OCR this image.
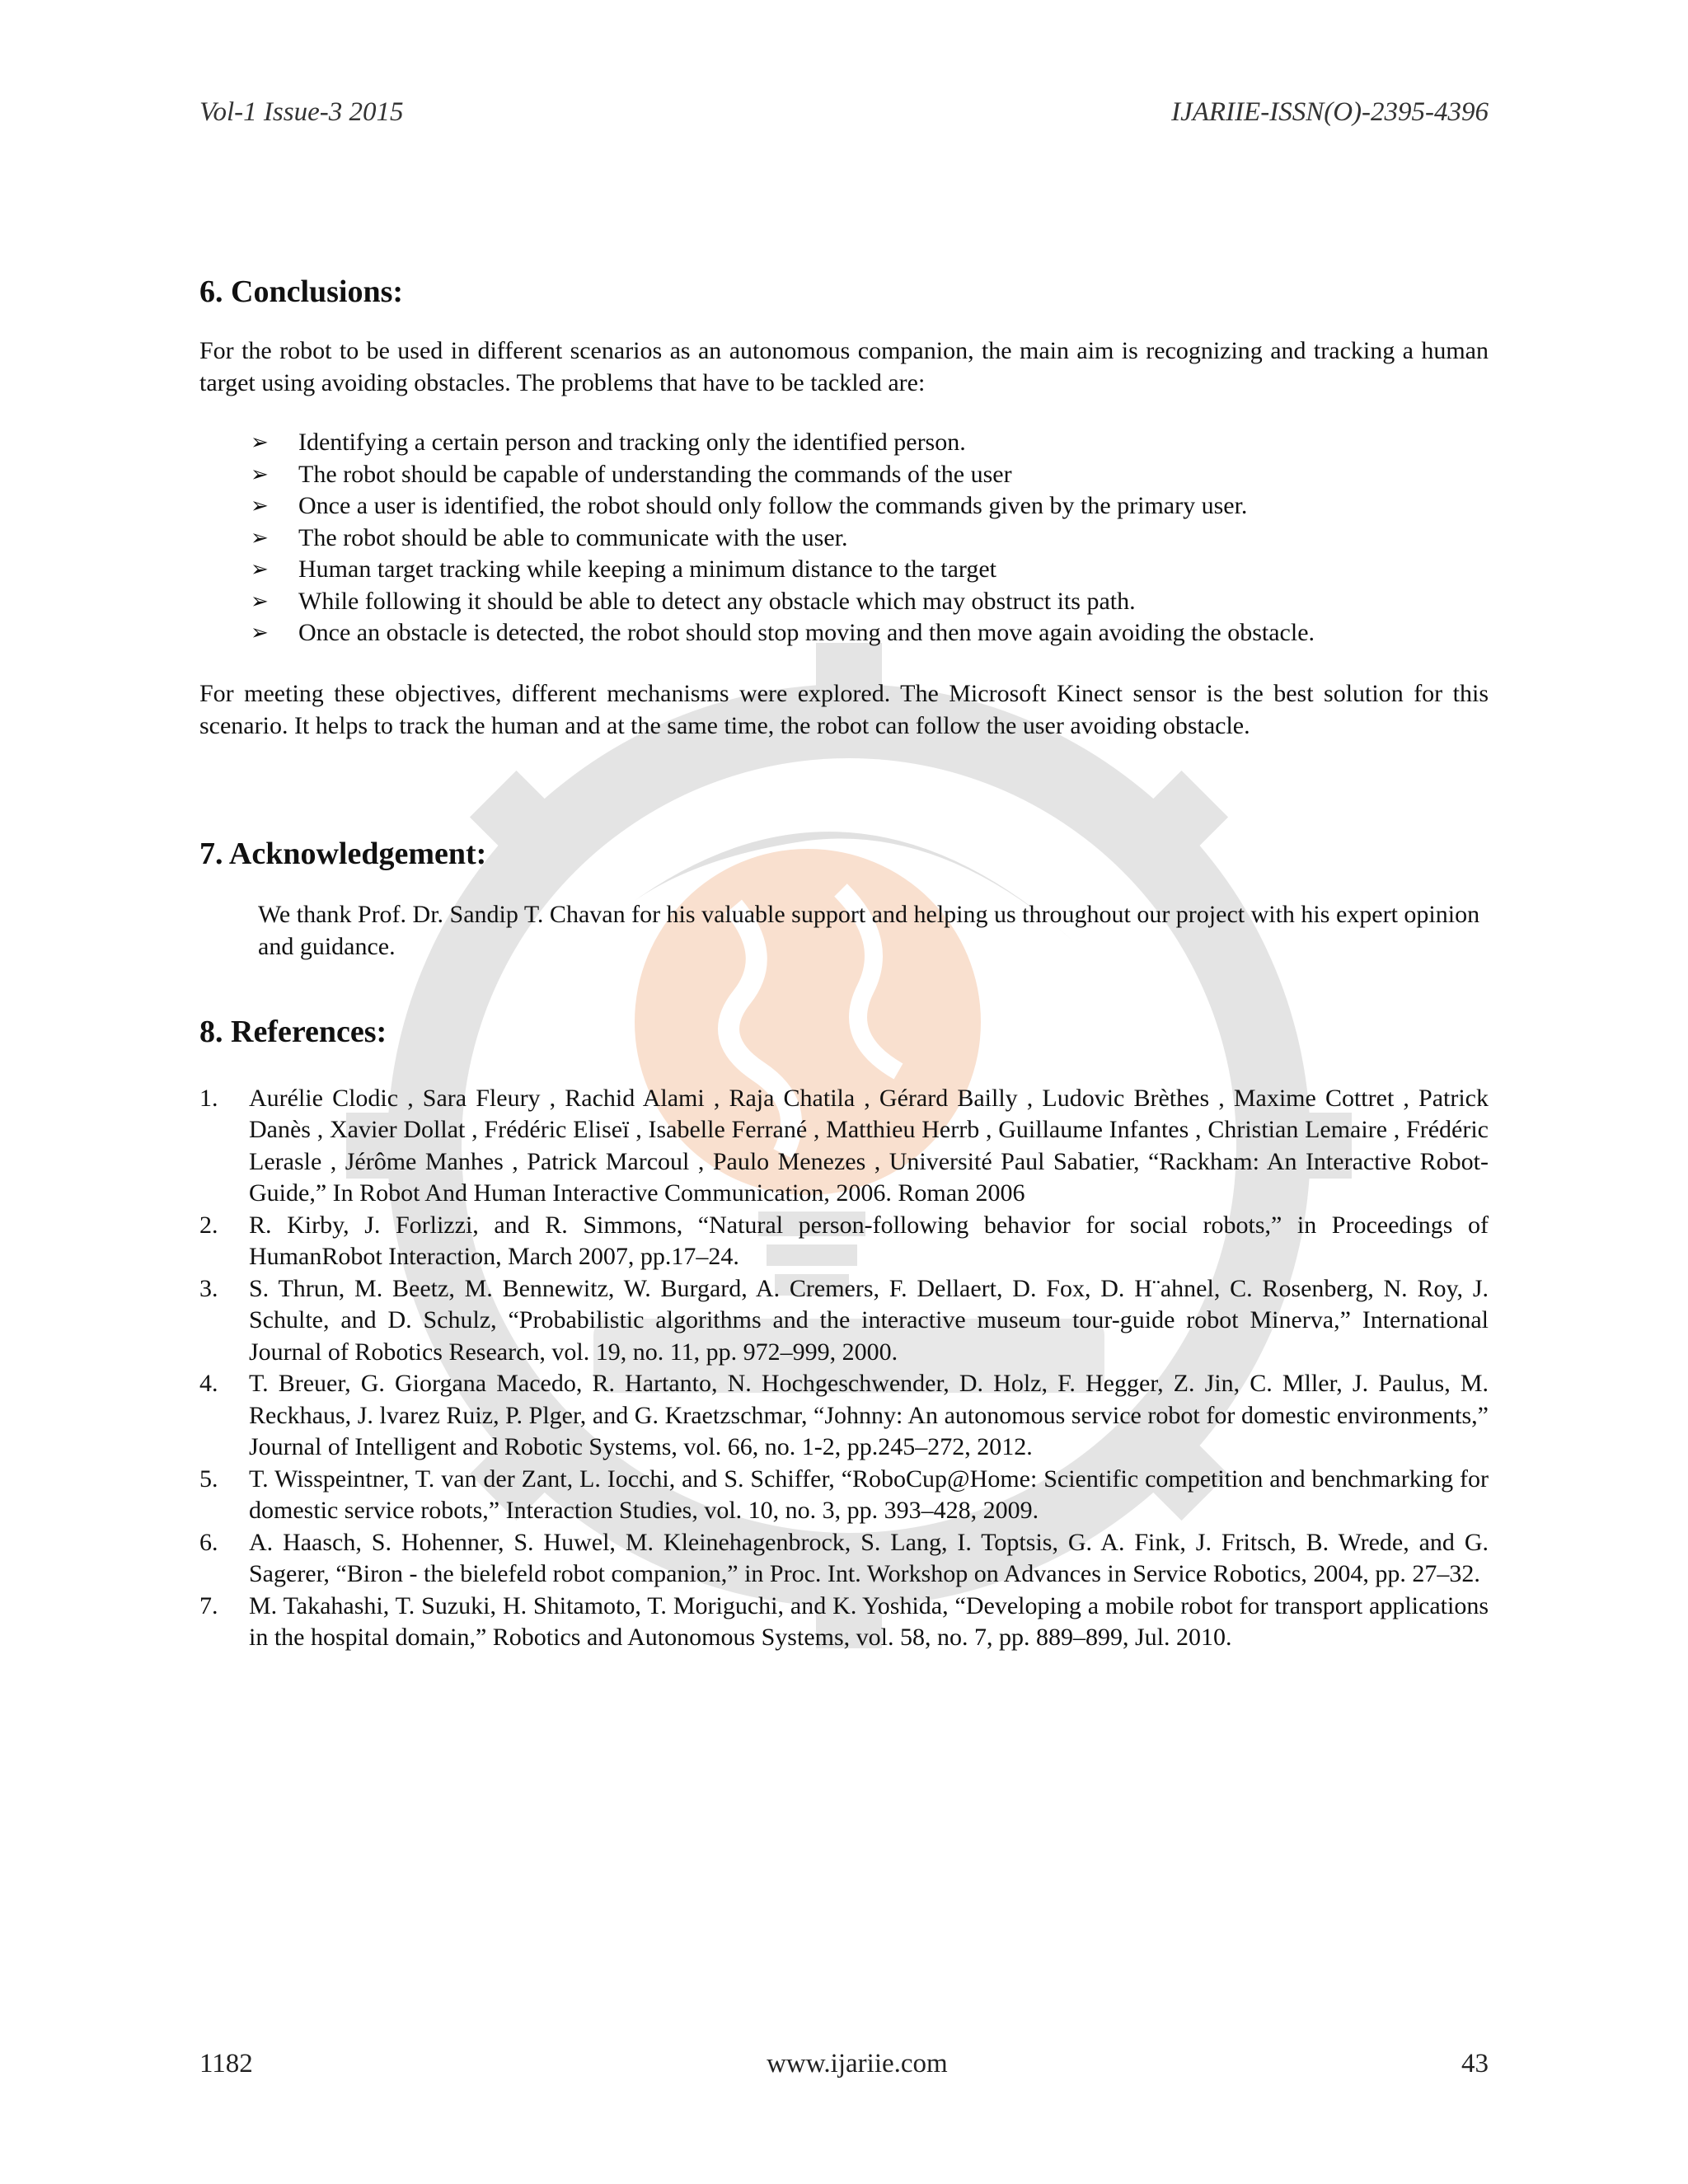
Vol-1 Issue-3 2015	IJARIIE-ISSN(O)-2395-4396
6. Conclusions:

For the robot to be used in different scenarios as an autonomous companion, the main aim is recognizing and tracking a human target using avoiding obstacles. The problems that have to be tackled are:

➢ Identifying a certain person and tracking only the identified person.
➢ The robot should be capable of understanding the commands of the user
➢ Once a user is identified, the robot should only follow the commands given by the primary user.
➢ The robot should be able to communicate with the user.
➢ Human target tracking while keeping a minimum distance to the target
➢ While following it should be able to detect any obstacle which may obstruct its path.
➢ Once an obstacle is detected, the robot should stop moving and then move again avoiding the obstacle.

For meeting these objectives, different mechanisms were explored. The Microsoft Kinect sensor is the best solution for this scenario. It helps to track the human and at the same time, the robot can follow the user avoiding obstacle.

7. Acknowledgement:

We thank Prof. Dr. Sandip T. Chavan for his valuable support and helping us throughout our project with his expert opinion and guidance.

8. References:
1. Aurélie Clodic , Sara Fleury , Rachid Alami , Raja Chatila , Gérard Bailly , Ludovic Brèthes , Maxime Cottret , Patrick Danès , Xavier Dollat , Frédéric Eliseï , Isabelle Ferrané , Matthieu Herrb , Guillaume Infantes , Christian Lemaire , Frédéric Lerasle , Jérôme Manhes , Patrick Marcoul , Paulo Menezes , Université Paul Sabatier, “Rackham: An Interactive Robot-Guide,” In Robot And Human Interactive Communication, 2006. Roman 2006
2. R. Kirby, J. Forlizzi, and R. Simmons, “Natural person-following behavior for social robots,” in Proceedings of HumanRobot Interaction, March 2007, pp.17–24.
3. S. Thrun, M. Beetz, M. Bennewitz, W. Burgard, A. Cremers, F. Dellaert, D. Fox, D. H¨ahnel, C. Rosenberg, N. Roy, J. Schulte, and D. Schulz, “Probabilistic algorithms and the interactive museum tour-guide robot Minerva,” International Journal of Robotics Research, vol. 19, no. 11, pp. 972–999, 2000.
4. T. Breuer, G. Giorgana Macedo, R. Hartanto, N. Hochgeschwender, D. Holz, F. Hegger, Z. Jin, C. Mller, J. Paulus, M. Reckhaus, J. lvarez Ruiz, P. Plger, and G. Kraetzschmar, “Johnny: An autonomous service robot for domestic environments,” Journal of Intelligent and Robotic Systems, vol. 66, no. 1-2, pp.245–272, 2012.
5. T. Wisspeintner, T. van der Zant, L. Iocchi, and S. Schiffer, “RoboCup@Home: Scientific competition and benchmarking for domestic service robots,” Interaction Studies, vol. 10, no. 3, pp. 393–428, 2009.
6. A. Haasch, S. Hohenner, S. Huwel, M. Kleinehagenbrock, S. Lang, I. Toptsis, G. A. Fink, J. Fritsch, B. Wrede, and G. Sagerer, “Biron - the bielefeld robot companion,” in Proc. Int. Workshop on Advances in Service Robotics, 2004, pp. 27–32.
7. M. Takahashi, T. Suzuki, H. Shitamoto, T. Moriguchi, and K. Yoshida, “Developing a mobile robot for transport applications in the hospital domain,” Robotics and Autonomous Systems, vol. 58, no. 7, pp. 889–899, Jul. 2010.
1182	www.ijariie.com	43
